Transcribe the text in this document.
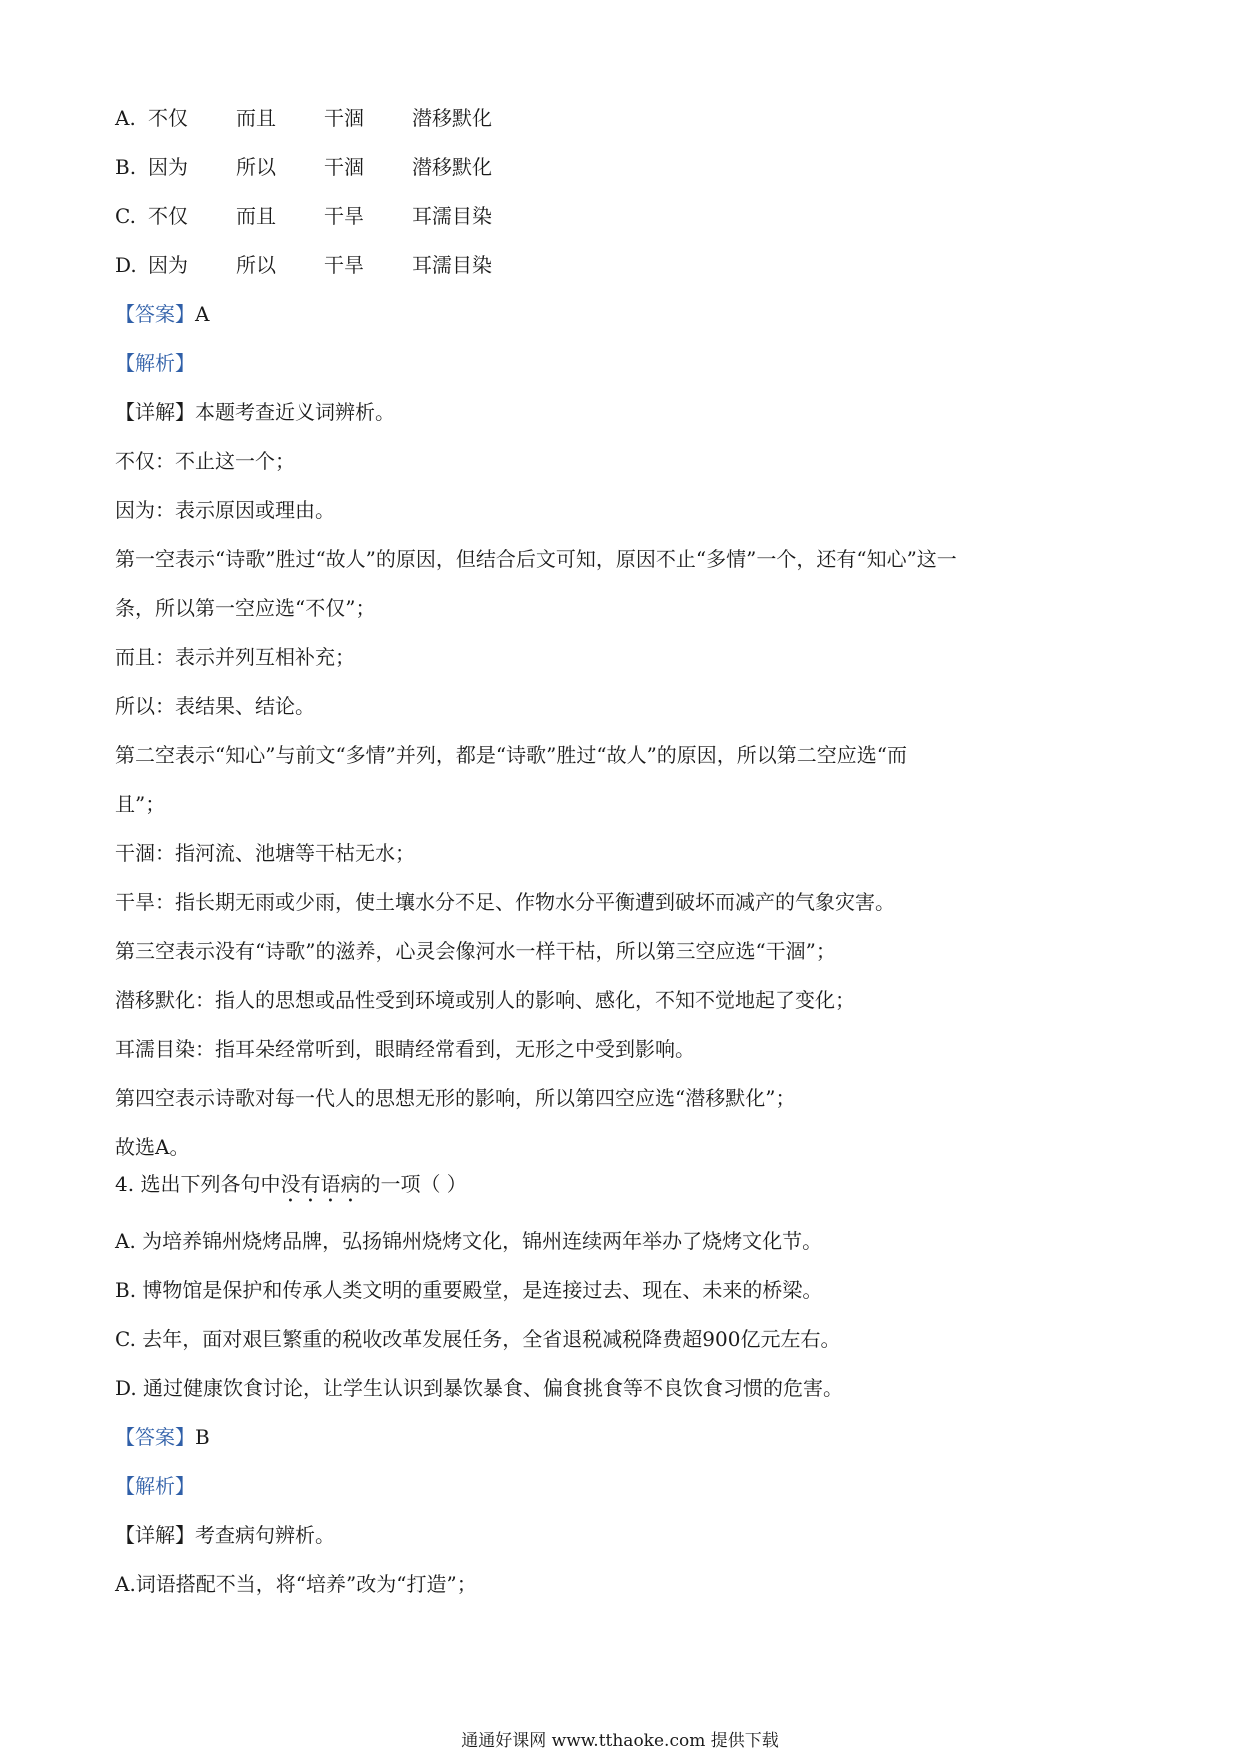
A. 不仅 而且 干涸 潜移默化
B. 因为 所以 干涸 潜移默化
C. 不仅 而且 干旱 耳濡目染
D. 因为 所以 干旱 耳濡目染
【答案】A
【解析】
【详解】本题考查近义词辨析。
不仅：不止这一个；
因为：表示原因或理由。
第一空表示“诗歌”胜过“故人”的原因，但结合后文可知，原因不止“多情”一个，还有“知心”这一
条，所以第一空应选“不仅”；
而且：表示并列互相补充；
所以：表结果、结论。
第二空表示“知心”与前文“多情”并列，都是“诗歌”胜过“故人”的原因，所以第二空应选“而
且”；
干涸：指河流、池塘等干枯无水；
干旱：指长期无雨或少雨，使土壤水分不足、作物水分平衡遭到破坏而减产的气象灾害。
第三空表示没有“诗歌”的滋养，心灵会像河水一样干枯，所以第三空应选“干涸”；
潜移默化：指人的思想或品性受到环境或别人的影响、感化，不知不觉地起了变化；
耳濡目染：指耳朵经常听到，眼睛经常看到，无形之中受到影响。
第四空表示诗歌对每一代人的思想无形的影响，所以第四空应选“潜移默化”；
故选A。
4. 选出下列各句中没有语病的一项（ ）
A. 为培养锦州烧烤品牌，弘扬锦州烧烤文化，锦州连续两年举办了烧烤文化节。
B. 博物馆是保护和传承人类文明的重要殿堂，是连接过去、现在、未来的桥梁。
C. 去年，面对艰巨繁重的税收改革发展任务，全省退税减税降费超900亿元左右。
D. 通过健康饮食讨论，让学生认识到暴饮暴食、偏食挑食等不良饮食习惯的危害。
【答案】B
【解析】
【详解】考查病句辨析。
A.词语搭配不当，将“培养”改为“打造”；
通通好课网 www.tthaoke.com 提供下载
